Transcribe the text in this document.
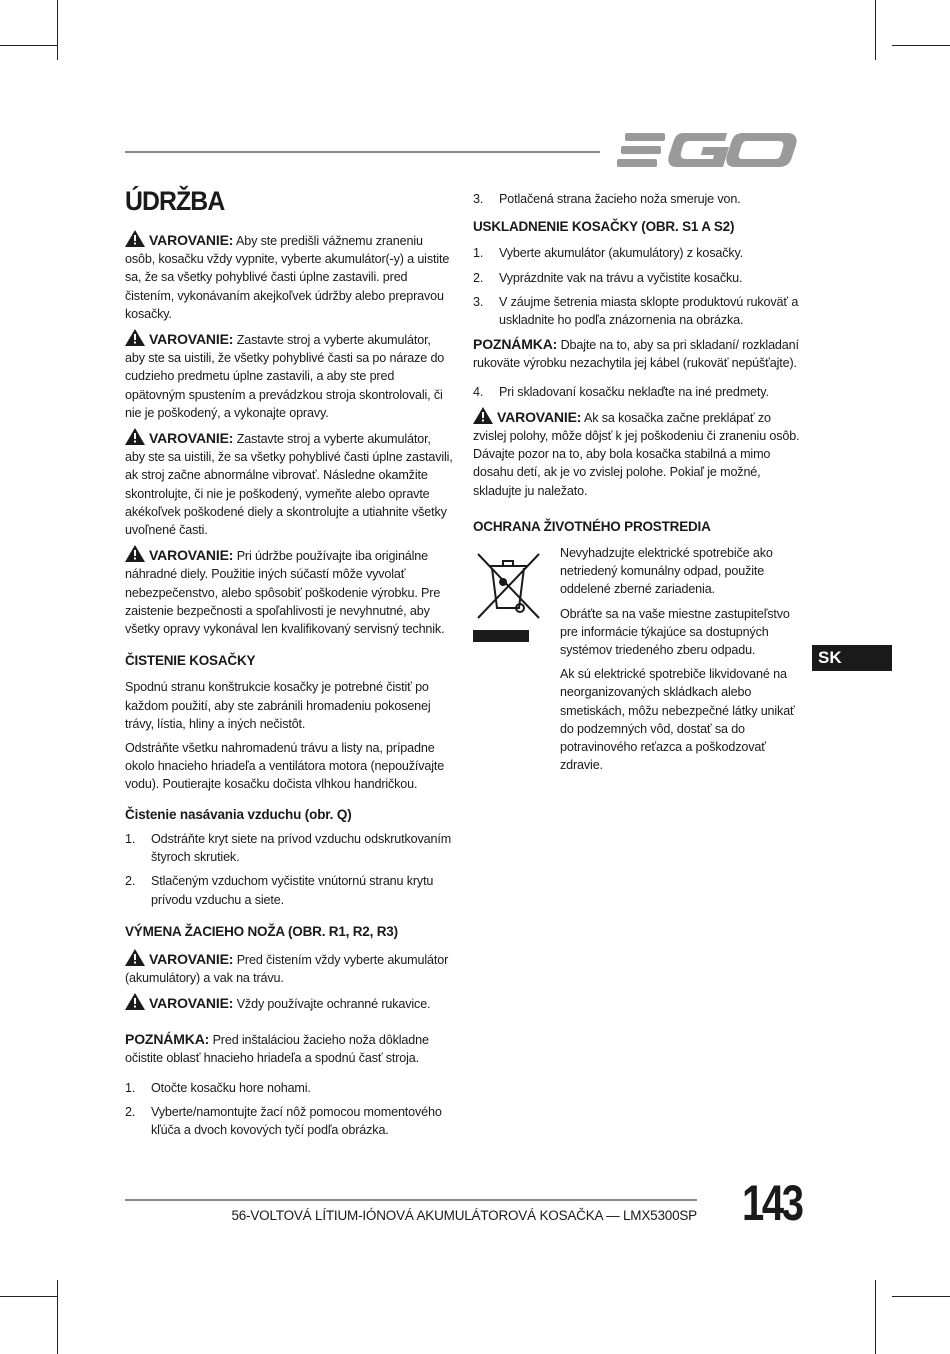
ÚDRŽBA

VAROVANIE: Aby ste predišli vážnemu zraneniu osôb, kosačku vždy vypnite, vyberte akumulátor(-y) a uistite sa, že sa všetky pohyblivé časti úplne zastavili. pred čistením, vykonávaním akejkoľvek údržby alebo prepravou kosačky.

VAROVANIE: Zastavte stroj a vyberte akumulátor, aby ste sa uistili, že všetky pohyblivé časti sa po náraze do cudzieho predmetu úplne zastavili, a aby ste pred opätovným spustením a prevádzkou stroja skontrolovali, či nie je poškodený, a vykonajte opravy.

VAROVANIE: Zastavte stroj a vyberte akumulátor, aby ste sa uistili, že sa všetky pohyblivé časti úplne zastavili, ak stroj začne abnormálne vibrovať. Následne okamžite skontrolujte, či nie je poškodený, vymeňte alebo opravte akékoľvek poškodené diely a skontrolujte a utiahnite všetky uvoľnené časti.

VAROVANIE: Pri údržbe používajte iba originálne náhradné diely. Použitie iných súčastí môže vyvolať nebezpečenstvo, alebo spôsobiť poškodenie výrobku. Pre zaistenie bezpečnosti a spoľahlivosti je nevyhnutné, aby všetky opravy vykonával len kvalifikovaný servisný technik.

ČISTENIE KOSAČKY

Spodnú stranu konštrukcie kosačky je potrebné čistiť po každom použití, aby ste zabránili hromadeniu pokosenej trávy, lístia, hliny a iných nečistôt.

Odstráňte všetku nahromadenú trávu a listy na, prípadne okolo hnacieho hriadeľa a ventilátora motora (nepoužívajte vodu). Poutierajte kosačku dočista vlhkou handričkou.

Čistenie nasávania vzduchu (obr. Q)
1. Odstráňte kryt siete na prívod vzduchu odskrutkovaním štyroch skrutiek.
2. Stlačeným vzduchom vyčistite vnútornú stranu krytu prívodu vzduchu a siete.
VÝMENA ŽACIEHO NOŽA (OBR. R1, R2, R3)

VAROVANIE: Pred čistením vždy vyberte akumulátor (akumulátory) a vak na trávu.

VAROVANIE: Vždy používajte ochranné rukavice.

POZNÁMKA: Pred inštaláciou žacieho noža dôkladne očistite oblasť hnacieho hriadeľa a spodnú časť stroja.

1. Otočte kosačku hore nohami.
2. Vyberte/namontujte žací nôž pomocou momentového kľúča a dvoch kovových tyčí podľa obrázka.
3. Potlačená strana žacieho noža smeruje von.
USKLADNENIE KOSAČKY (OBR. S1 A S2)
1. Vyberte akumulátor (akumulátory) z kosačky.
2. Vyprázdnite vak na trávu a vyčistite kosačku.
3. V záujme šetrenia miasta sklopte produktovú rukoväť a uskladnite ho podľa znázornenia na obrázka.

POZNÁMKA: Dbajte na to, aby sa pri skladaní/ rozkladaní rukoväte výrobku nezachytila jej kábel (rukoväť nepúšťajte).

4. Pri skladovaní kosačku neklaďte na iné predmety.

VAROVANIE: Ak sa kosačka začne preklápať zo zvislej polohy, môže dôjsť k jej poškodeniu či zraneniu osôb. Dávajte pozor na to, aby bola kosačka stabilná a mimo dosahu detí, ak je vo zvislej polohe. Pokiaľ je možné, skladujte ju naležato.

OCHRANA ŽIVOTNÉHO PROSTREDIA

Nevyhadzujte elektrické spotrebiče ako netriedený komunálny odpad, použite oddelené zberné zariadenia.

Obráťte sa na vaše miestne zastupiteľstvo pre informácie týkajúce sa dostupných systémov triedeného zberu odpadu.

Ak sú elektrické spotrebiče likvidované na neorganizovaných skládkach alebo smetiskách, môžu nebezpečné látky unikať do podzemných vôd, dostať sa do potravinového reťazca a poškodzovať zdravie.

SK
56-VOLTOVÁ LÍTIUM-IÓNOVÁ AKUMULÁTOROVÁ KOSAČKA — LMX5300SP 143
